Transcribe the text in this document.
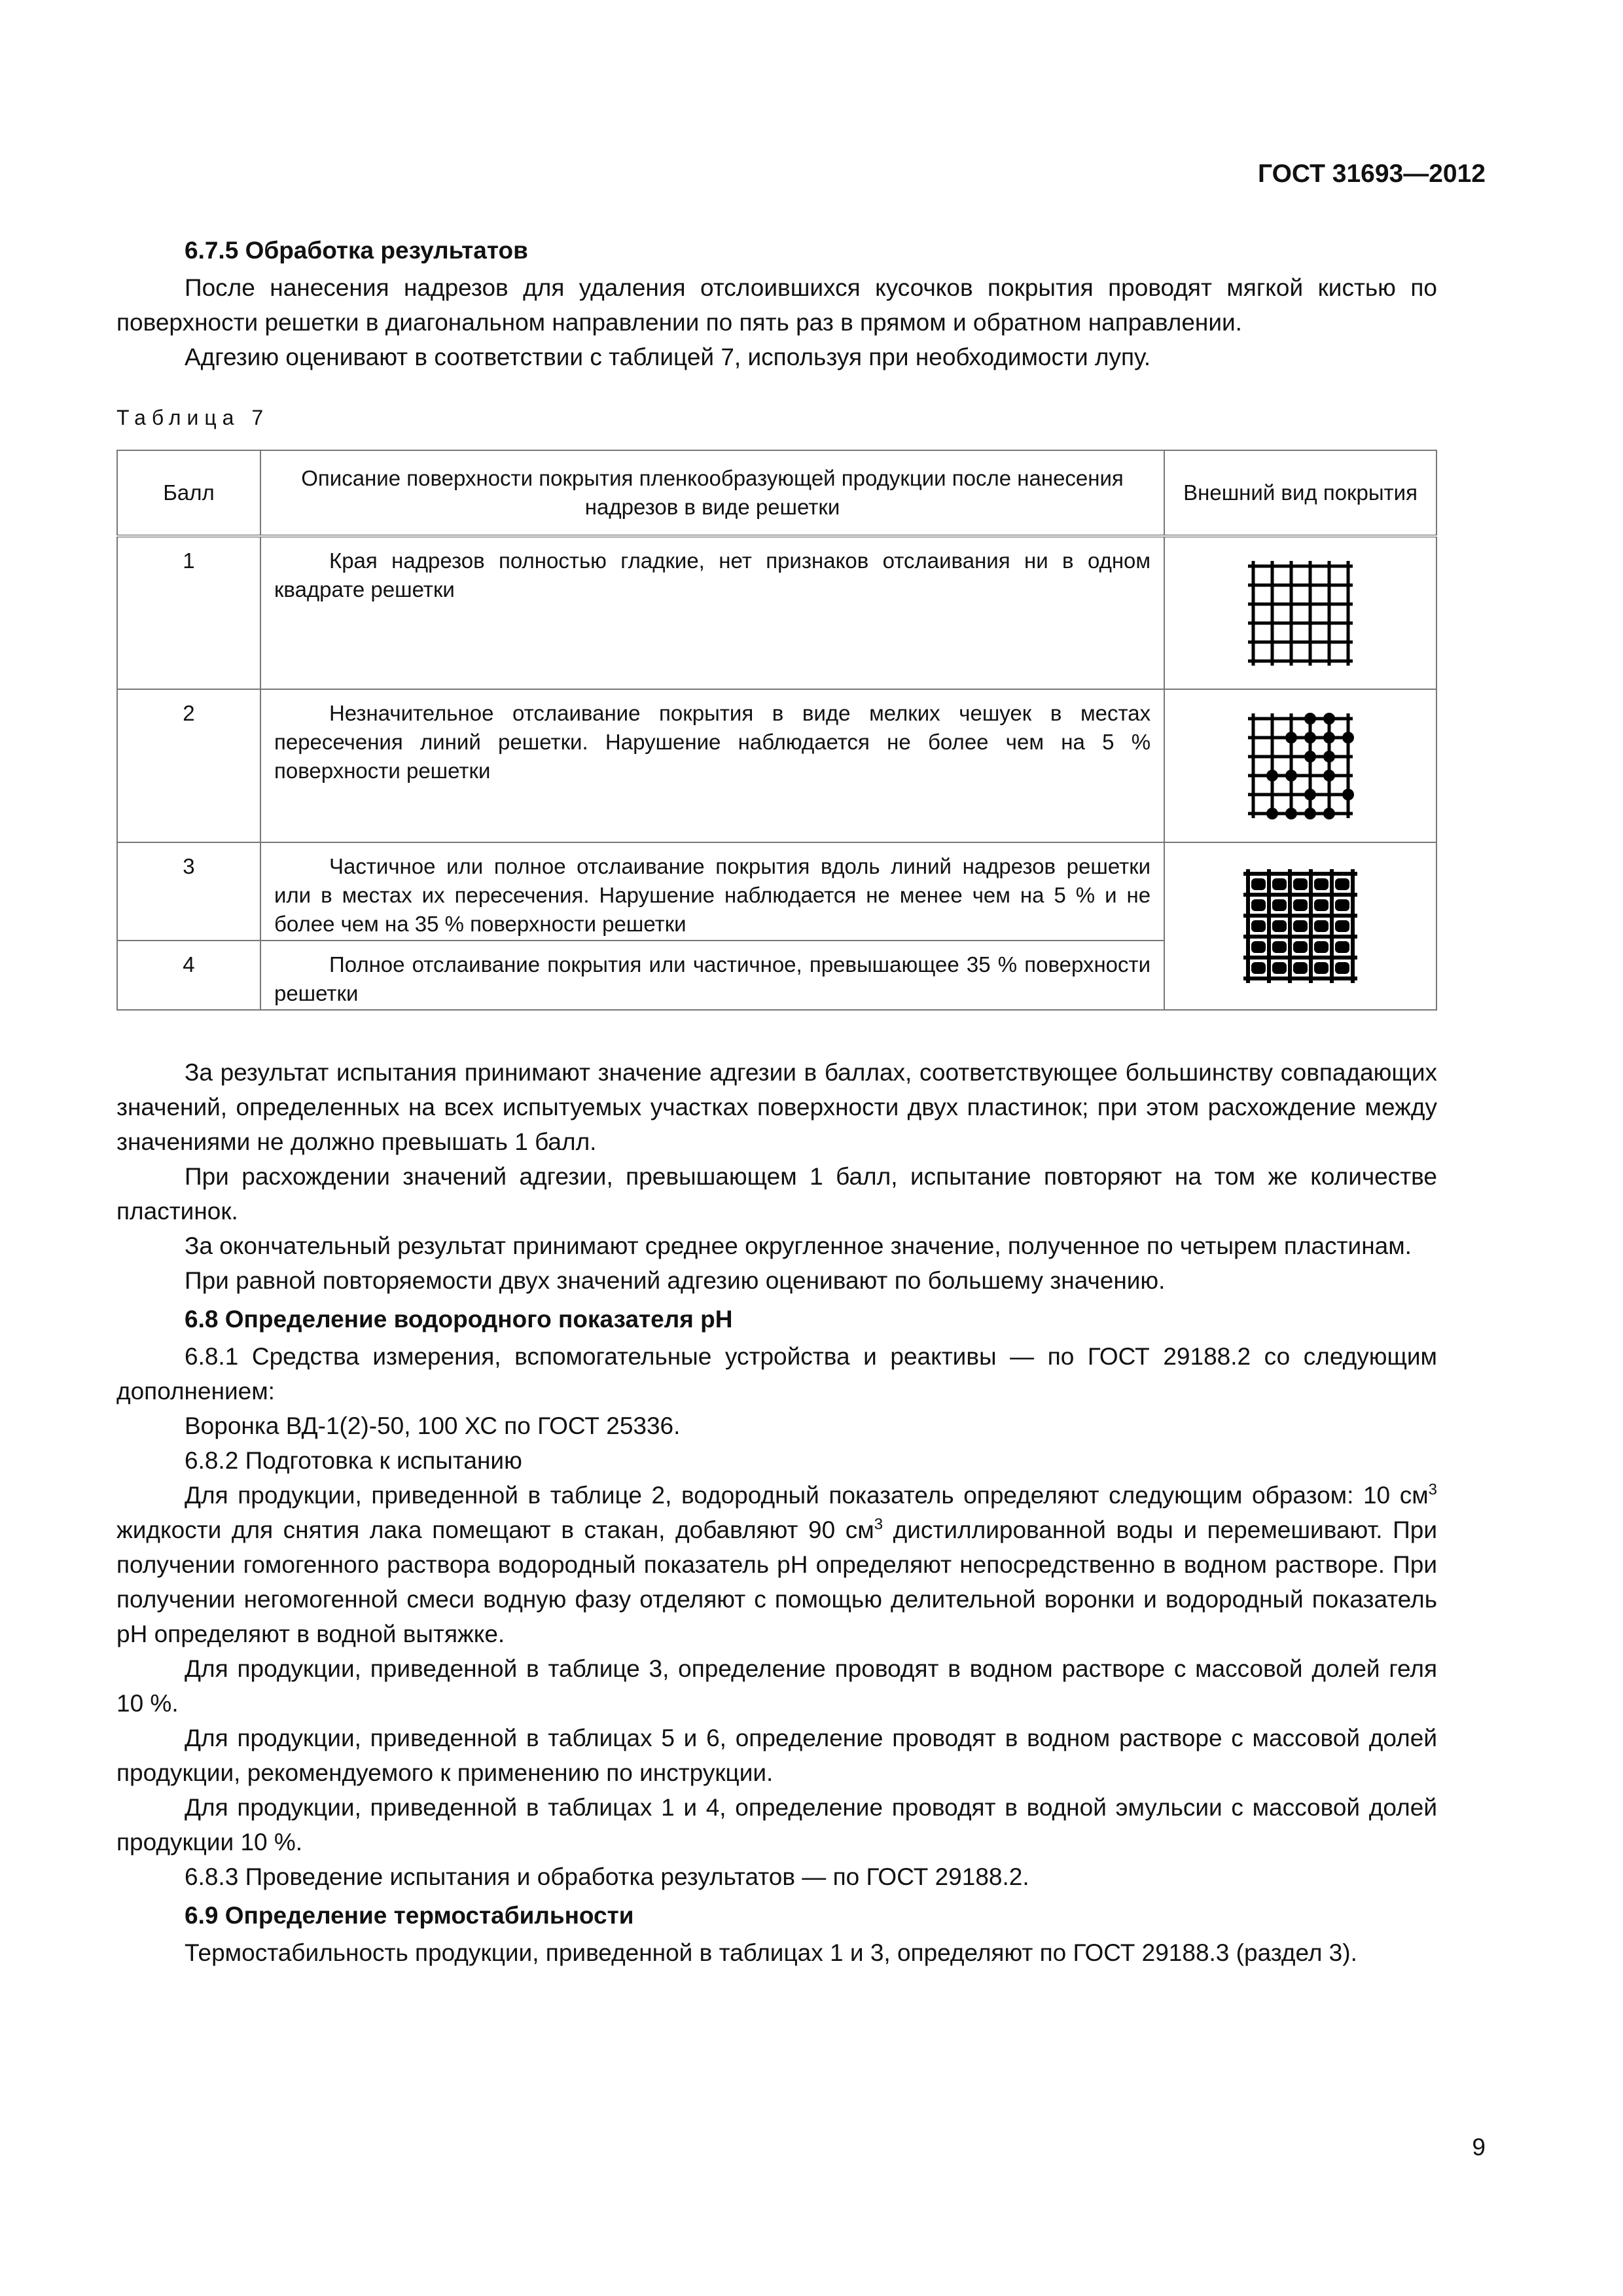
ГОСТ 31693—2012

6.7.5 Обработка результатов

После нанесения надрезов для удаления отслоившихся кусочков покрытия проводят мягкой кистью по поверхности решетки в диагональном направлении по пять раз в прямом и обратном направлении.

Адгезию оценивают в соответствии с таблицей 7, используя при необходимости лупу.

Таблица 7

Балл	Описание поверхности покрытия пленкообразующей продукции после нанесения надрезов в виде решетки	Внешний вид покрытия
1	Края надрезов полностью гладкие, нет признаков отслаивания ни в одном квадрате решетки

2	Незначительное отслаивание покрытия в виде мелких чешуек в местах пересечения линий решетки. Нарушение наблюдается не более чем на 5 % поверхности решетки

3	Частичное или полное отслаивание покрытия вдоль линий надрезов решетки или в местах их пересечения. Нарушение наблюдается не менее чем на 5 % и не более чем на 35 % поверхности решетки

4	Полное отслаивание покрытия или частичное, превышающее 35 % поверхности решетки	

За результат испытания принимают значение адгезии в баллах, соответствующее большинству совпадающих значений, определенных на всех испытуемых участках поверхности двух пластинок; при этом расхождение между значениями не должно превышать 1 балл.

При расхождении значений адгезии, превышающем 1 балл, испытание повторяют на том же количестве пластинок.

За окончательный результат принимают среднее округленное значение, полученное по четырем пластинам.

При равной повторяемости двух значений адгезию оценивают по большему значению.

6.8 Определение водородного показателя pH

6.8.1 Средства измерения, вспомогательные устройства и реактивы — по ГОСТ 29188.2 со следующим дополнением:

Воронка ВД-1(2)-50, 100 ХС по ГОСТ 25336.

6.8.2 Подготовка к испытанию

Для продукции, приведенной в таблице 2, водородный показатель определяют следующим образом: 10 $см^3$ жидкости для снятия лака помещают в стакан, добавляют 90 $см^3$ дистиллированной воды и перемешивают. При получении гомогенного раствора водородный показатель pH определяют непосредственно в водном растворе. При получении негомогенной смеси водную фазу отделяют с помощью делительной воронки и водородный показатель pH определяют в водной вытяжке.

Для продукции, приведенной в таблице 3, определение проводят в водном растворе с массовой долей геля 10 %.

Для продукции, приведенной в таблицах 5 и 6, определение проводят в водном растворе с массовой долей продукции, рекомендуемого к применению по инструкции.

Для продукции, приведенной в таблицах 1 и 4, определение проводят в водной эмульсии с массовой долей продукции 10 %.

6.8.3 Проведение испытания и обработка результатов — по ГОСТ 29188.2.

6.9 Определение термостабильности

Термостабильность продукции, приведенной в таблицах 1 и 3, определяют по ГОСТ 29188.3 (раздел 3).

9
